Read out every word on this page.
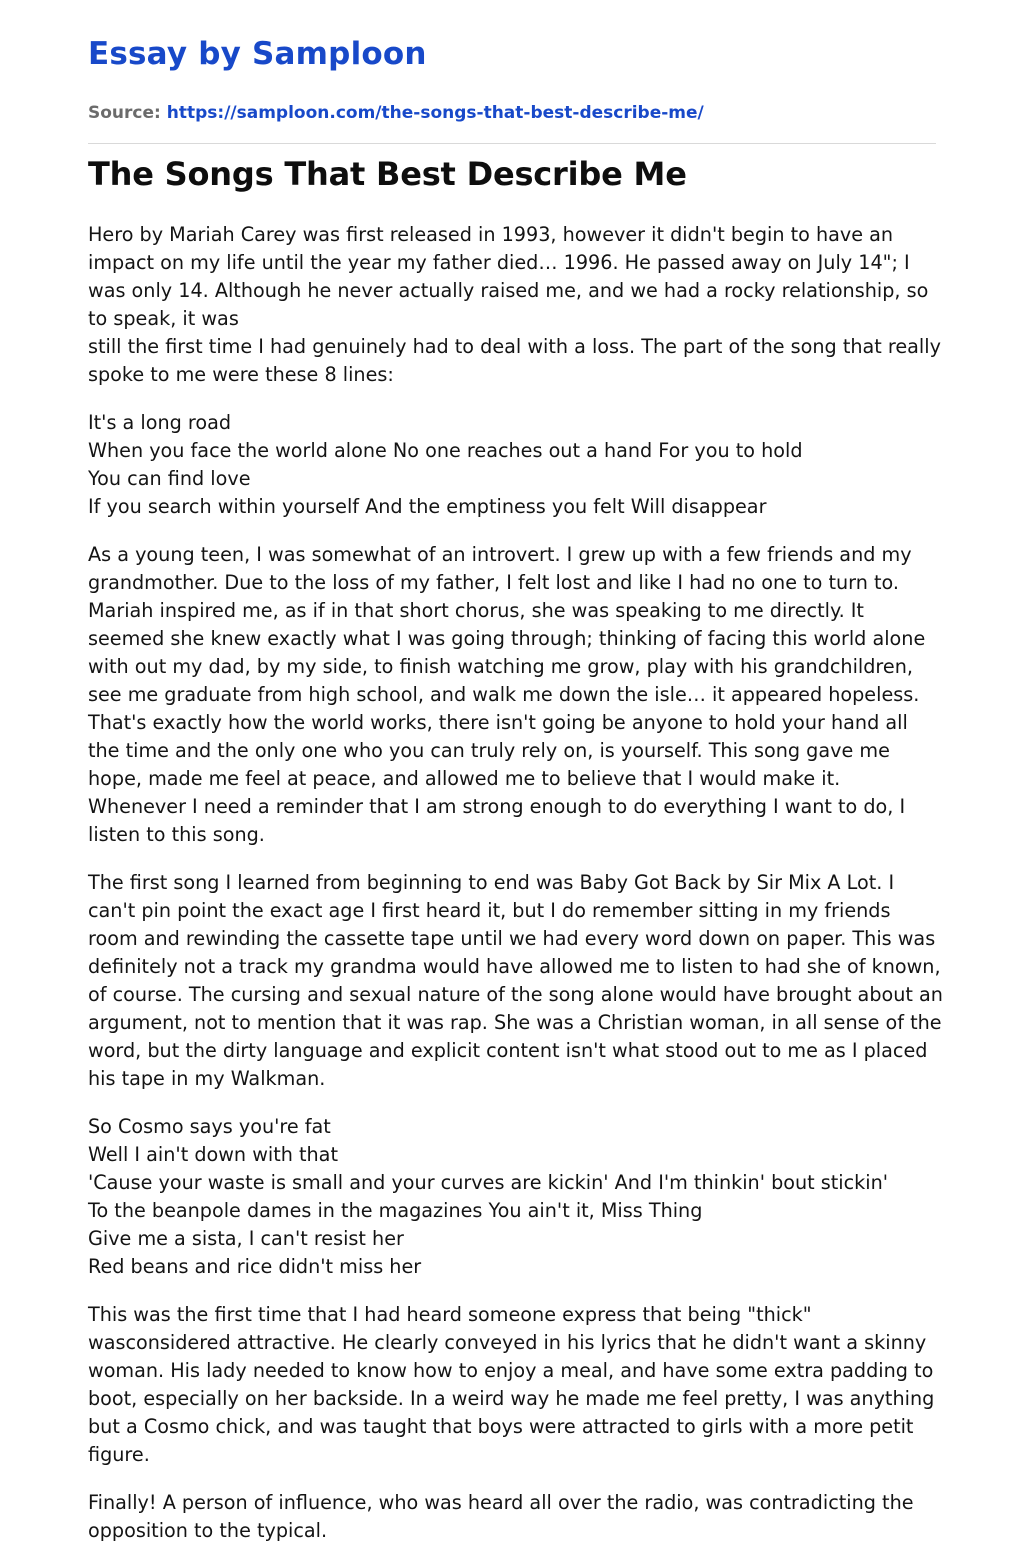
Essay by Samploon
Source: https://samploon.com/the-songs-that-best-describe-me/
The Songs That Best Describe Me

Hero by Mariah Carey was first released in 1993, however it didn't begin to have an impact on my life until the year my father died… 1996. He passed away on July 14"; I was only 14. Although he never actually raised me, and we had a rocky relationship, so to speak, it was
still the first time I had genuinely had to deal with a loss. The part of the song that really spoke to me were these 8 lines:

It's a long road
When you face the world alone No one reaches out a hand For you to hold
You can find love
If you search within yourself And the emptiness you felt Will disappear

As a young teen, I was somewhat of an introvert. I grew up with a few friends and my grandmother. Due to the loss of my father, I felt lost and like I had no one to turn to. Mariah inspired me, as if in that short chorus, she was speaking to me directly. It seemed she knew exactly what I was going through; thinking of facing this world alone with out my dad, by my side, to finish watching me grow, play with his grandchildren, see me graduate from high school, and walk me down the isle… it appeared hopeless. That's exactly how the world works, there isn't going be anyone to hold your hand all the time and the only one who you can truly rely on, is yourself. This song gave me hope, made me feel at peace, and allowed me to believe that I would make it. Whenever I need a reminder that I am strong enough to do everything I want to do, I listen to this song.

The first song I learned from beginning to end was Baby Got Back by Sir Mix A Lot. I can't pin point the exact age I first heard it, but I do remember sitting in my friends room and rewinding the cassette tape until we had every word down on paper. This was definitely not a track my grandma would have allowed me to listen to had she of known, of course. The cursing and sexual nature of the song alone would have brought about an argument, not to mention that it was rap. She was a Christian woman, in all sense of the word, but the dirty language and explicit content isn't what stood out to me as I placed his tape in my Walkman.

So Cosmo says you're fat
Well I ain't down with that
'Cause your waste is small and your curves are kickin' And I'm thinkin' bout stickin'
To the beanpole dames in the magazines You ain't it, Miss Thing
Give me a sista, I can't resist her
Red beans and rice didn't miss her

This was the first time that I had heard someone express that being "thick" wasconsidered attractive. He clearly conveyed in his lyrics that he didn't want a skinny woman. His lady needed to know how to enjoy a meal, and have some extra padding to boot, especially on her backside. In a weird way he made me feel pretty, I was anything but a Cosmo chick, and was taught that boys were attracted to girls with a more petit figure.

Finally! A person of influence, who was heard all over the radio, was contradicting the opposition to the typical.
